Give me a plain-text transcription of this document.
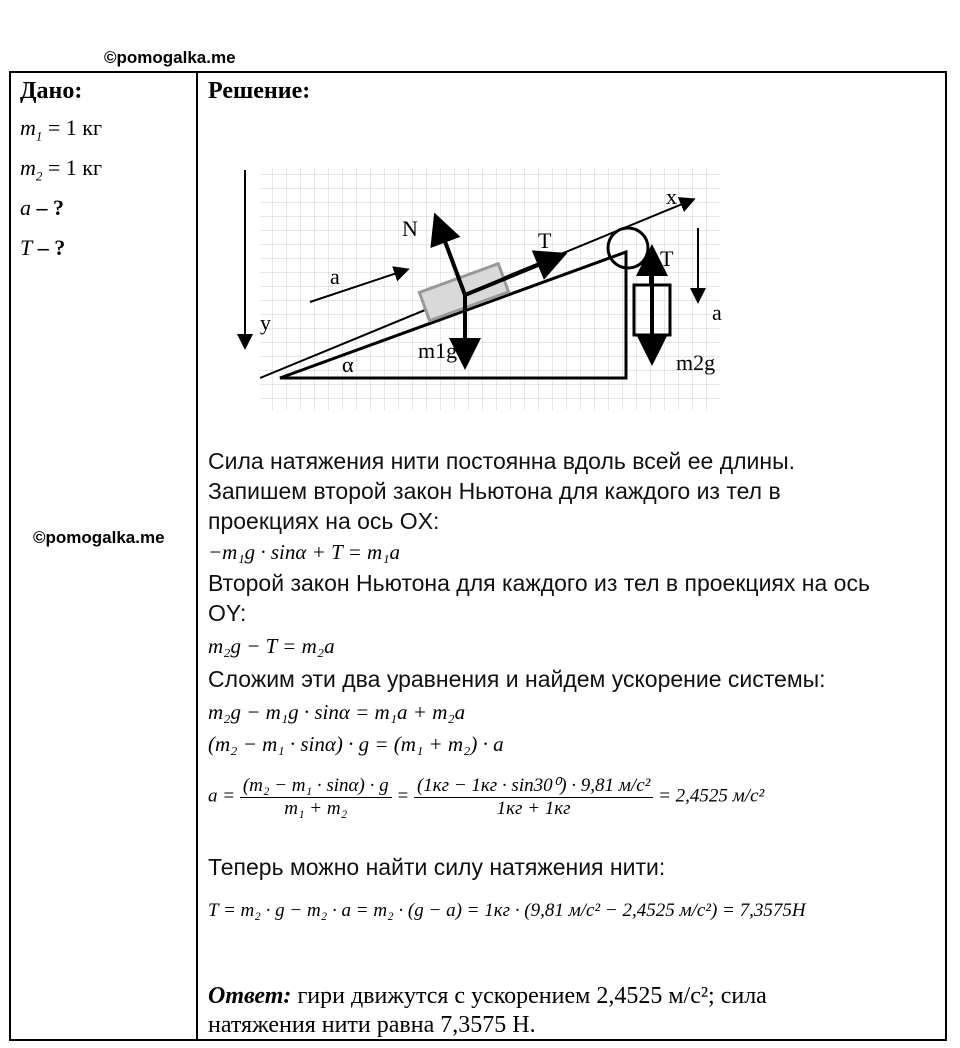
©pomogalka.me
©pomogalka.me
Дано:
$m_1 = 1$ кг
$m_2 = 1$ кг
a – ?
T – ?
Решение:
x
y
N	T
T
a
a
α
m1g	m2g
Сила натяжения нити постоянна вдоль всей ее длины.
Запишем второй закон Ньютона для каждого из тел в
проекциях на ось OX:
−m₁g · sinα + T = m₁a
Второй закон Ньютона для каждого из тел в проекциях на ось
OY:
m₂g − T = m₂a
Сложим эти два уравнения и найдем ускорение системы:
m₂g − m₁g · sinα = m₁a + m₂a
(m₂ − m₁ · sinα) · g = (m₁ + m₂) · a
$a = \frac{\text{(m₂ − m₁ · sinα) · g}}{\text{m₁ + m₂}} = \frac{\text{(1кг − 1кг · sin30⁰) · 9,81 м/с²}}{1кг + 1кг} = 2,4525$ м/с²
Теперь можно найти силу натяжения нити:
T = m₂ · g − m₂ · a = m₂ · (g − a) = 1кг · (9,81 м/с² − 2,4525 м/с²) = 7,3575H
Ответ: гири движутся с ускорением 2,4525 м/с²; сила
натяжения нити равна 7,3575 Н.
